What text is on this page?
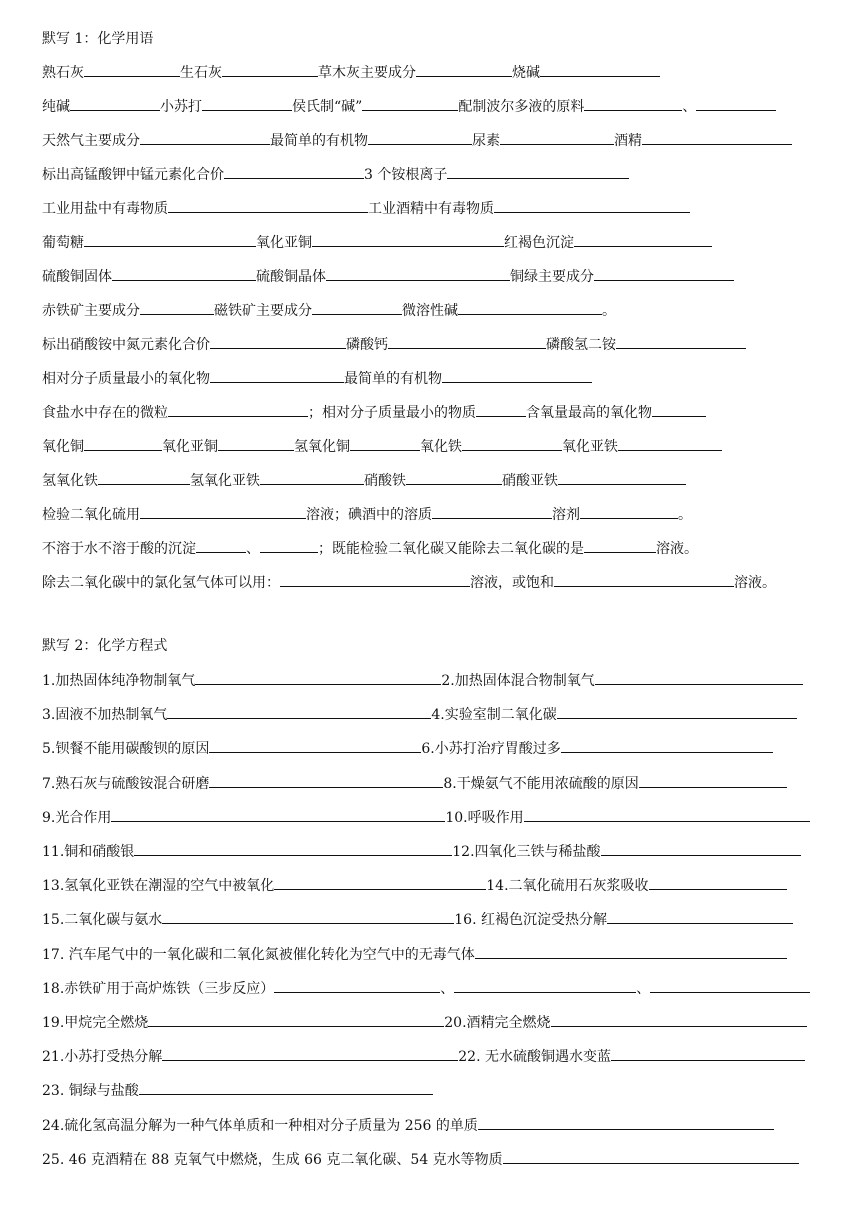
默写 1：化学用语
熟石灰	生石灰	草木灰主要成分	烧碱
纯碱	小苏打	侯氏制“碱”	配制波尔多液的原料	、
天然气主要成分	最简单的有机物	尿素	酒精
标出高锰酸钾中锰元素化合价	3 个铵根离子
工业用盐中有毒物质	工业酒精中有毒物质
葡萄糖	氧化亚铜	红褐色沉淀
硫酸铜固体	硫酸铜晶体	铜绿主要成分
赤铁矿主要成分	磁铁矿主要成分	微溶性碱	。
标出硝酸铵中氮元素化合价	磷酸钙	磷酸氢二铵
相对分子质量最小的氧化物	最简单的有机物
食盐水中存在的微粒	；相对分子质量最小的物质	含氧量最高的氧化物
氧化铜	氧化亚铜	氢氧化铜	氧化铁	氧化亚铁
氢氧化铁	氢氧化亚铁	硝酸铁	硝酸亚铁
检验二氧化硫用	溶液；碘酒中的溶质	溶剂	。
不溶于水不溶于酸的沉淀	、	；既能检验二氧化碳又能除去二氧化碳的是	溶液。
除去二氧化碳中的氯化氢气体可以用：	溶液，或饱和	溶液。
默写 2：化学方程式
1.加热固体纯净物制氧气	2.加热固体混合物制氧气
3.固液不加热制氧气	4.实验室制二氧化碳
5.钡餐不能用碳酸钡的原因	6.小苏打治疗胃酸过多
7.熟石灰与硫酸铵混合研磨	8.干燥氨气不能用浓硫酸的原因
9.光合作用	10.呼吸作用
11.铜和硝酸银	12.四氧化三铁与稀盐酸
13.氢氧化亚铁在潮湿的空气中被氧化	14.二氧化硫用石灰浆吸收
15.二氧化碳与氨水	16. 红褐色沉淀受热分解
17. 汽车尾气中的一氧化碳和二氧化氮被催化转化为空气中的无毒气体
18.赤铁矿用于高炉炼铁（三步反应）	、	、
19.甲烷完全燃烧	20.酒精完全燃烧
21.小苏打受热分解	22. 无水硫酸铜遇水变蓝
23. 铜绿与盐酸
24.硫化氢高温分解为一种气体单质和一种相对分子质量为 256 的单质
25. 46 克酒精在 88 克氧气中燃烧，生成 66 克二氧化碳、54 克水等物质
